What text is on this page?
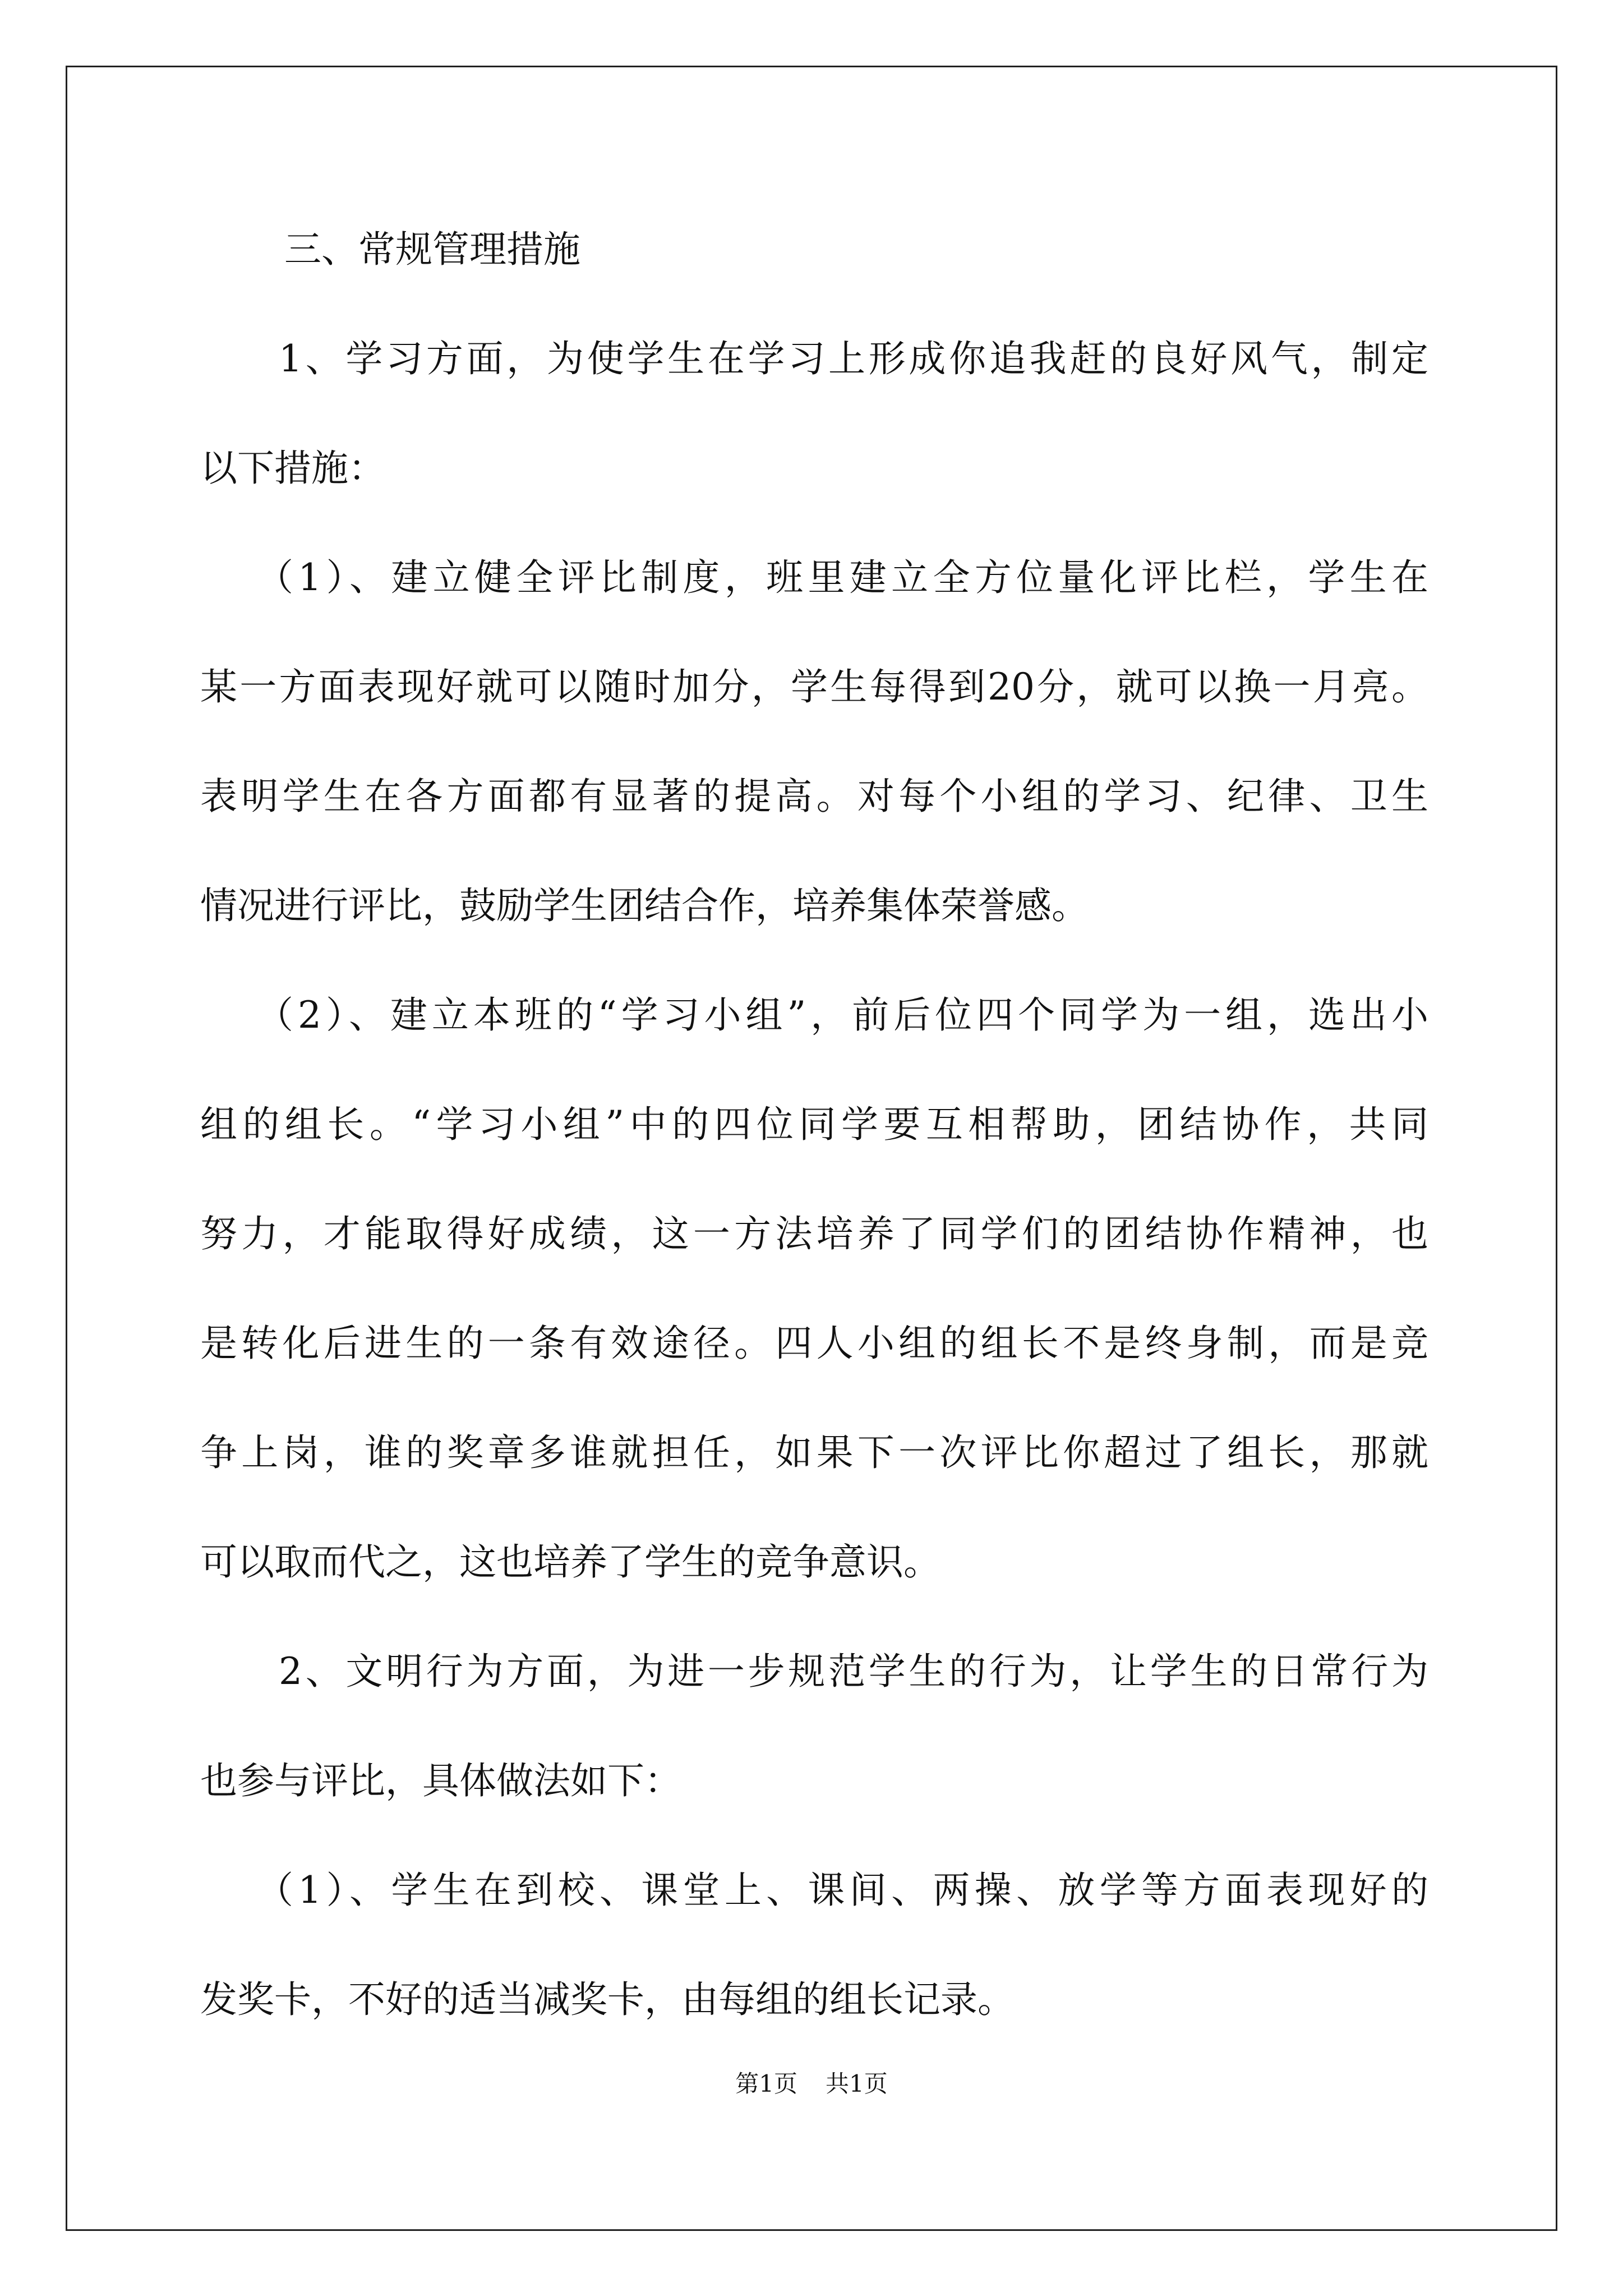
三、常规管理措施
1、学习方面，为使学生在学习上形成你追我赶的良好风气，制定
以下措施：
（1）、建立健全评比制度，班里建立全方位量化评比栏，学生在
某一方面表现好就可以随时加分，学生每得到20分，就可以换一月亮。
表明学生在各方面都有显著的提高。对每个小组的学习、纪律、卫生
情况进行评比，鼓励学生团结合作，培养集体荣誉感。
（2）、建立本班的“学习小组”，前后位四个同学为一组，选出小
组的组长。“学习小组”中的四位同学要互相帮助，团结协作，共同
努力，才能取得好成绩，这一方法培养了同学们的团结协作精神，也
是转化后进生的一条有效途径。四人小组的组长不是终身制，而是竞
争上岗，谁的奖章多谁就担任，如果下一次评比你超过了组长，那就
可以取而代之，这也培养了学生的竞争意识。
2、文明行为方面，为进一步规范学生的行为，让学生的日常行为
也参与评比，具体做法如下：
（1）、学生在到校、课堂上、课间、两操、放学等方面表现好的
发奖卡，不好的适当减奖卡，由每组的组长记录。
第1页 共1页
